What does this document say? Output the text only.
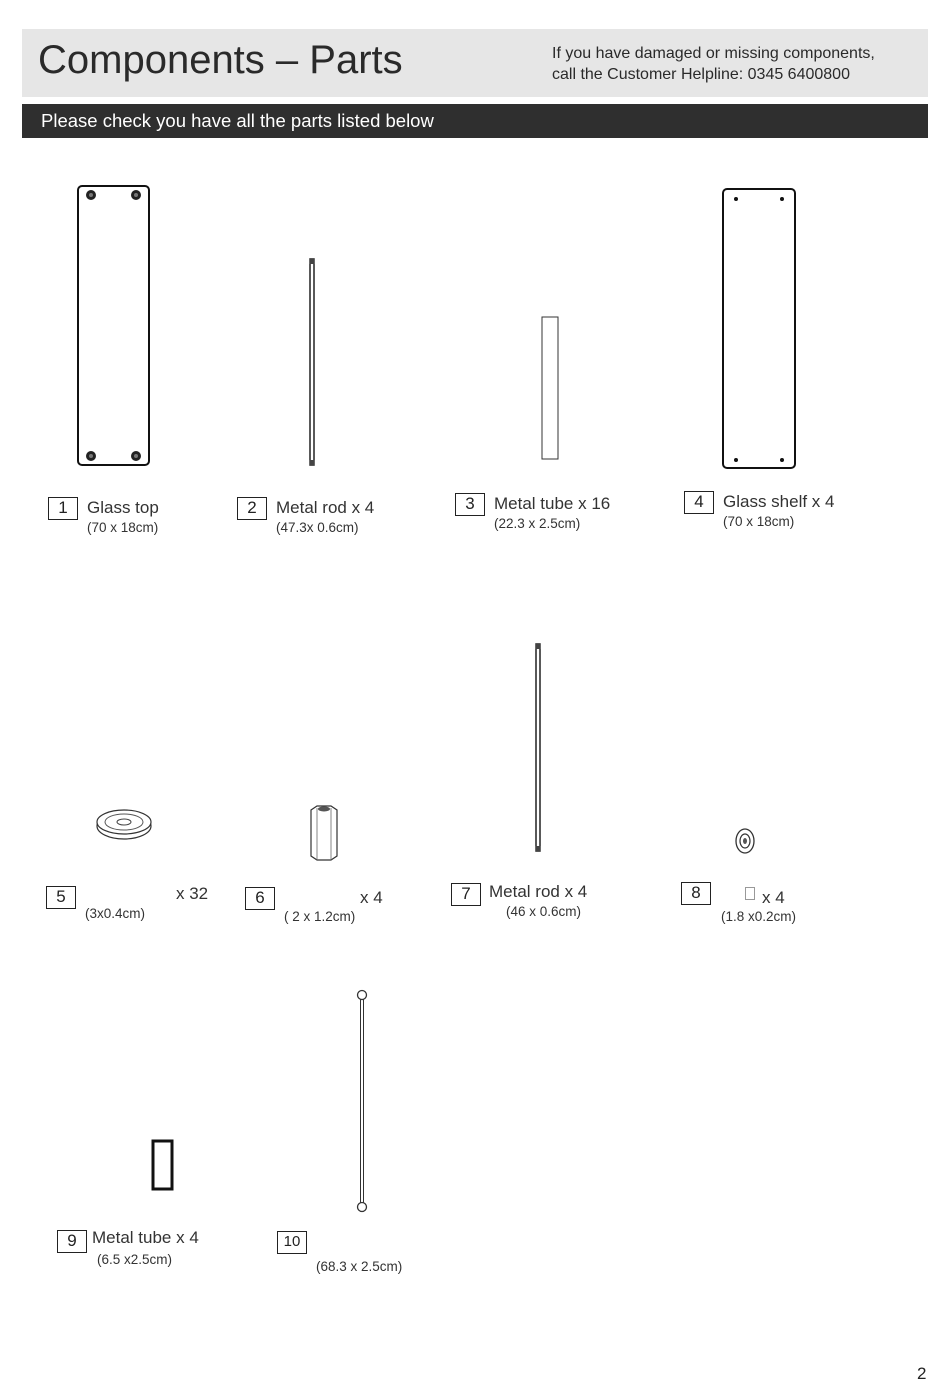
Components – Parts	If you have damaged or missing components,
call the Customer Helpline: 0345 6400800
Please check you have all the parts listed below
1	Glass top
(70 x 18cm)
2	Metal rod x 4
(47.3x 0.6cm)
3	Metal tube x 16
(22.3 x 2.5cm)
4	Glass shelf x 4
(70 x 18cm)
5	x 32
(3x0.4cm)
6	x 4
( 2 x 1.2cm)
7	Metal rod x 4
(46 x 0.6cm)
8	x 4
(1.8 x0.2cm)
9 Metal tube x 4
(6.5 x2.5cm)
10
(68.3 x 2.5cm)
2
